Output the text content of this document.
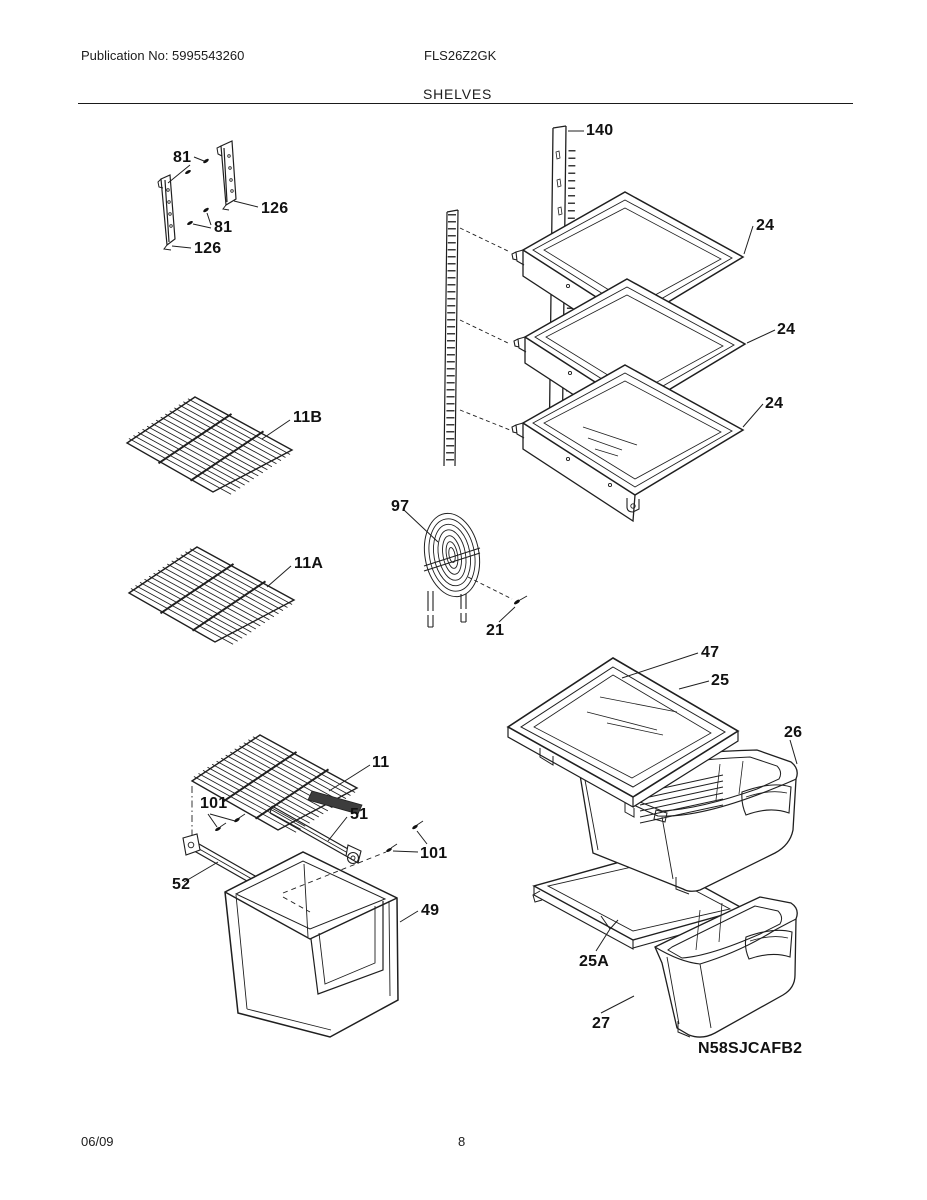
Publication No: 5995543260	FLS26Z2GK
SHELVES
06/09	8
81
126
81
126
140
24
24
24
11B
11A
97
21
11
101
51
101
52
49
47
25
26
25A
27
N58SJCAFB2
